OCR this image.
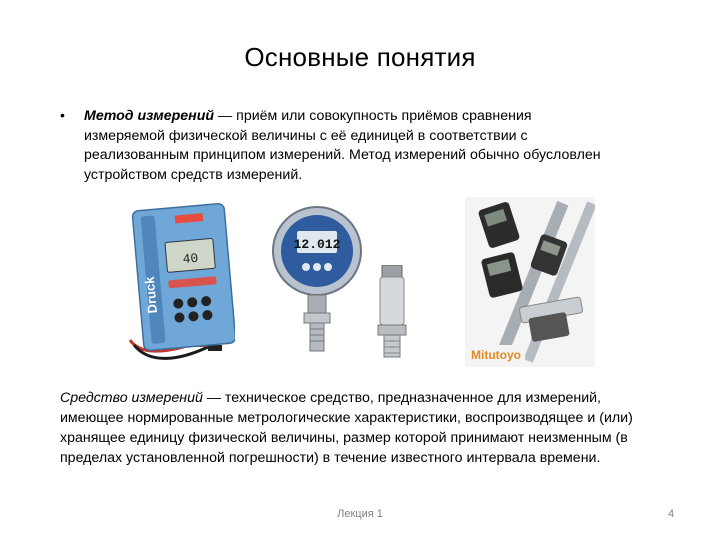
Основные понятия
• Метод измерений — приём или совокупность приёмов сравнения измеряемой физической величины с её единицей в соответствии с реализованным принципом измерений. Метод измерений обычно обусловлен устройством средств измерений.
Druck
40
12.012
Mitutoyo
Средство измерений — техническое средство, предназначенное для измерений, имеющее нормированные метрологические характеристики, воспроизводящее и (или) хранящее единицу физической величины, размер которой принимают неизменным (в пределах установленной погрешности) в течение известного интервала времени.
Лекция 1	4
